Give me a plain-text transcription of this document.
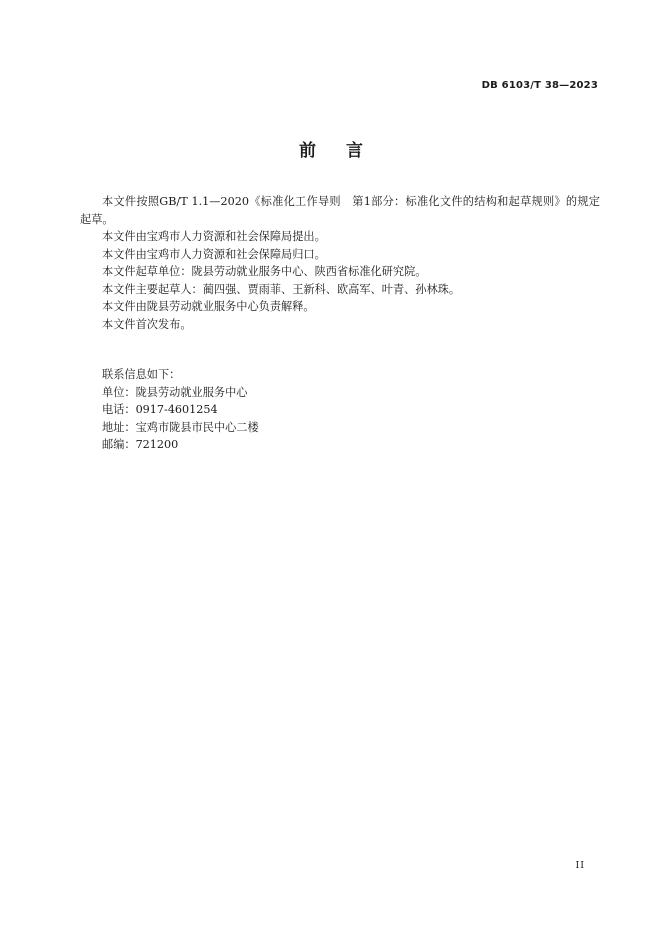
DB 6103/T 38—2023
前言

本文件按照GB/T 1.1—2020《标准化工作导则　第1部分：标准化文件的结构和起草规则》的规定起草。

本文件由宝鸡市人力资源和社会保障局提出。

本文件由宝鸡市人力资源和社会保障局归口。

本文件起草单位：陇县劳动就业服务中心、陕西省标准化研究院。

本文件主要起草人：蔺四强、贾雨菲、王新科、欧高军、叶青、孙林珠。

本文件由陇县劳动就业服务中心负责解释。

本文件首次发布。

联系信息如下：

单位：陇县劳动就业服务中心

电话：0917-4601254

地址：宝鸡市陇县市民中心二楼

邮编：721200

II
